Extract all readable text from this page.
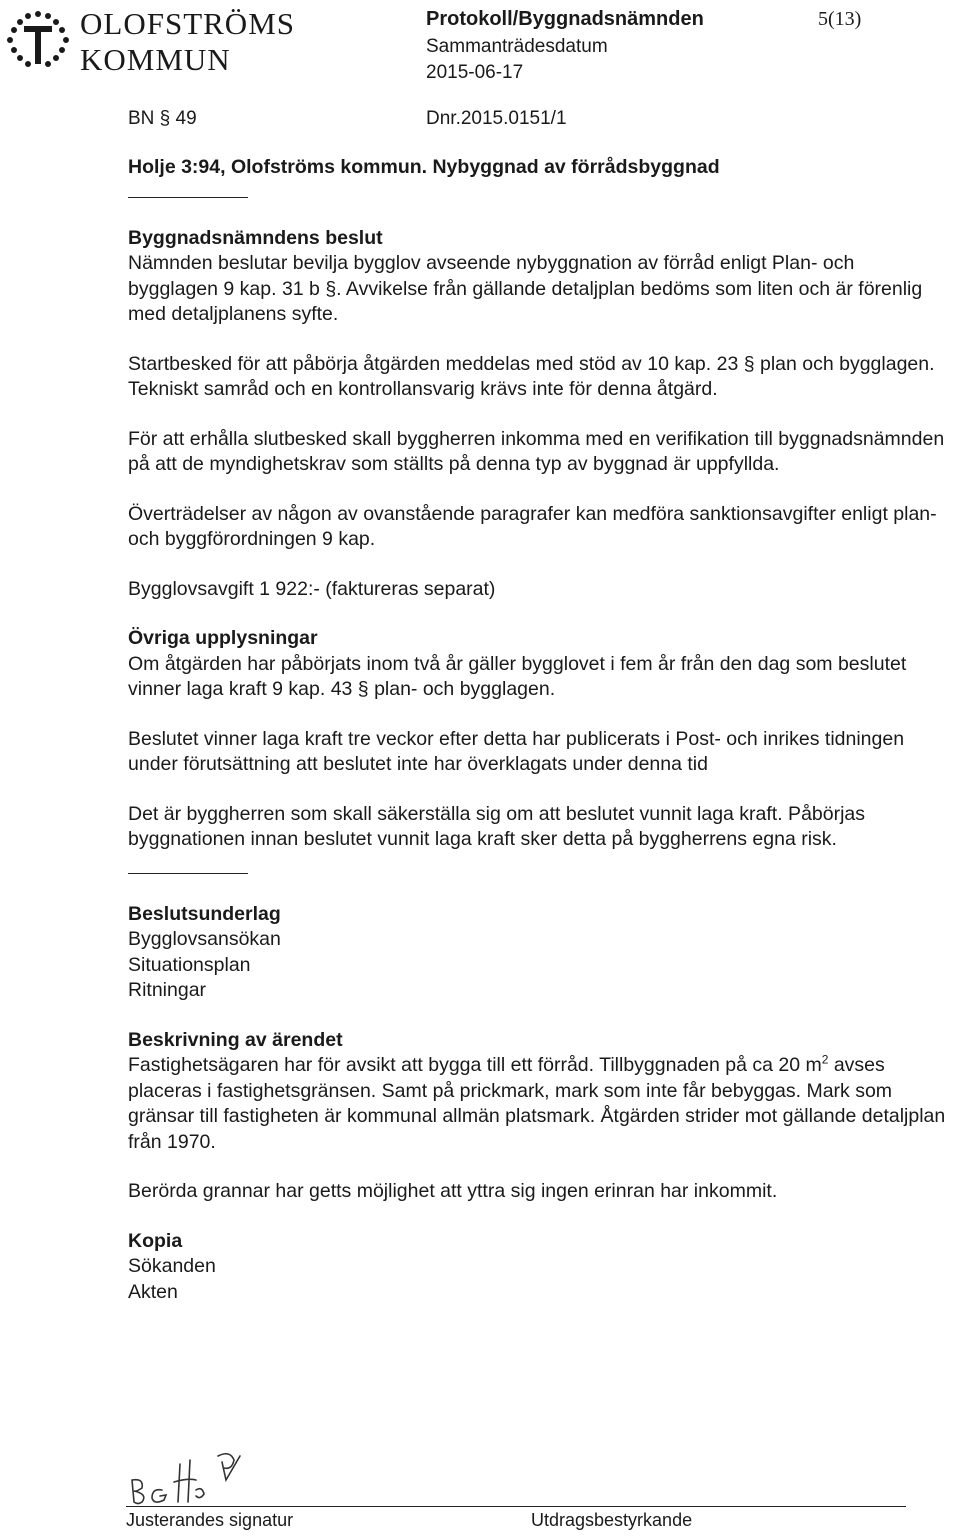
OLOFSTRÖMS
KOMMUN
Protokoll/Byggnadsnämnden	5(13)
Sammanträdesdatum
2015-06-17
BN § 49	Dnr.2015.0151/1

Holje 3:94, Olofströms kommun. Nybyggnad av förrådsbyggnad

Byggnadsnämndens beslut

Nämnden beslutar bevilja bygglov avseende nybyggnation av förråd enligt Plan- och bygglagen 9 kap. 31 b §. Avvikelse från gällande detaljplan bedöms som liten och är förenlig med detaljplanens syfte.

Startbesked för att påbörja åtgärden meddelas med stöd av 10 kap. 23 § plan och bygglagen. Tekniskt samråd och en kontrollansvarig krävs inte för denna åtgärd.

För att erhålla slutbesked skall byggherren inkomma med en verifikation till byggnadsnämnden på att de myndighetskrav som ställts på denna typ av byggnad är uppfyllda.

Överträdelser av någon av ovanstående paragrafer kan medföra sanktionsavgifter enligt plan- och byggförordningen 9 kap.

Bygglovsavgift 1 922:- (faktureras separat)

Övriga upplysningar

Om åtgärden har påbörjats inom två år gäller bygglovet i fem år från den dag som beslutet vinner laga kraft 9 kap. 43 § plan- och bygglagen.

Beslutet vinner laga kraft tre veckor efter detta har publicerats i Post- och inrikes tidningen under förutsättning att beslutet inte har överklagats under denna tid

Det är byggherren som skall säkerställa sig om att beslutet vunnit laga kraft. Påbörjas byggnationen innan beslutet vunnit laga kraft sker detta på byggherrens egna risk.

Beslutsunderlag

Bygglovsansökan

Situationsplan

Ritningar

Beskrivning av ärendet

Fastighetsägaren har för avsikt att bygga till ett förråd. Tillbyggnaden på ca 20 $m^2$ avses placeras i fastighetsgränsen. Samt på prickmark, mark som inte får bebyggas. Mark som gränsar till fastigheten är kommunal allmän platsmark. Åtgärden strider mot gällande detaljplan från 1970.

Berörda grannar har getts möjlighet att yttra sig ingen erinran har inkommit.

Kopia

Sökanden

Akten

Justerandes signatur	Utdragsbestyrkande
